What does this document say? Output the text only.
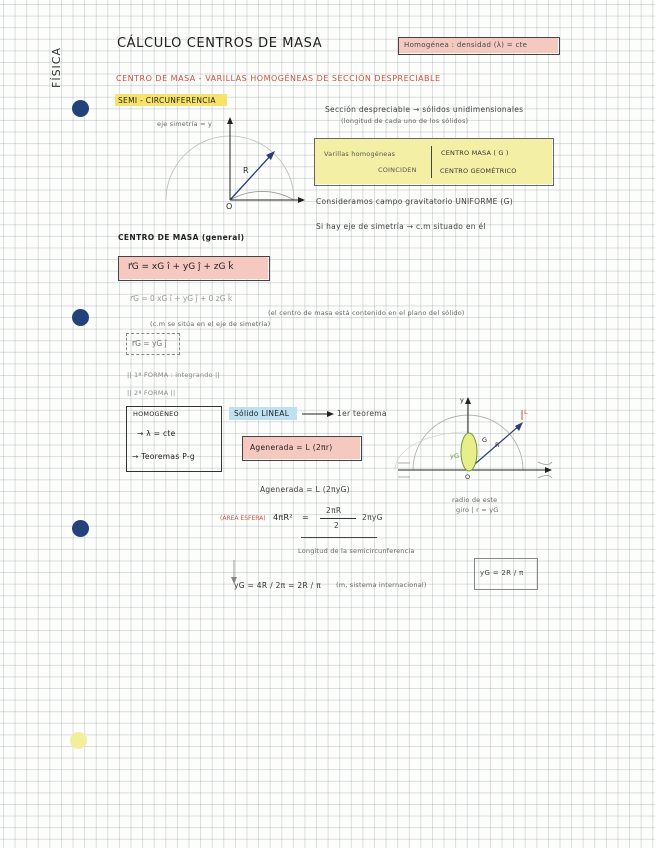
FÍSICA
CÁLCULO CENTROS DE MASA	Homogénea : densidad (λ) = cte
CENTRO DE MASA - VARILLAS HOMOGÉNEAS DE SECCIÓN DESPRECIABLE
SEMI - CIRCUNFERENCIA
eje simetría = y
R
O
Sección despreciable → sólidos unidimensionales
(longitud de cada uno de los sólidos)
Varillas homogéneas	CENTRO MASA ( G )
COINCIDEN	CENTRO GEOMÉTRICO
Consideramos campo gravitatorio UNIFORME (G)
Si hay eje de simetría → c.m situado en él
CENTRO DE MASA (general)
r⃗G = xG î + yG ĵ + zG k̂
r⃗G = 0 xG î + yG ĵ + 0 zG k̂
(el centro de masa está contenido en el plano del sólido)
(c.m se sitúa en el eje de simetría)
r⃗G = yG ĵ
|| 1ª FORMA : integrando ||
|| 2ª FORMA ||
HOMOGÉNEO
→ λ = cte
→ Teoremas P-g
Sólido LINEAL	1er teorema
Agenerada = L (2πr)
Agenerada = L (2πyG)
(ÁREA ESFERA) 4πR² =
2πR
2
2πyG
Longitud de la semicircunferencia
yG = 4R / 2π = 2R / π (m, sistema internacional)
yG = 2R / π
y
R
L
G
yG
O
radio de este
giro | r = yG
